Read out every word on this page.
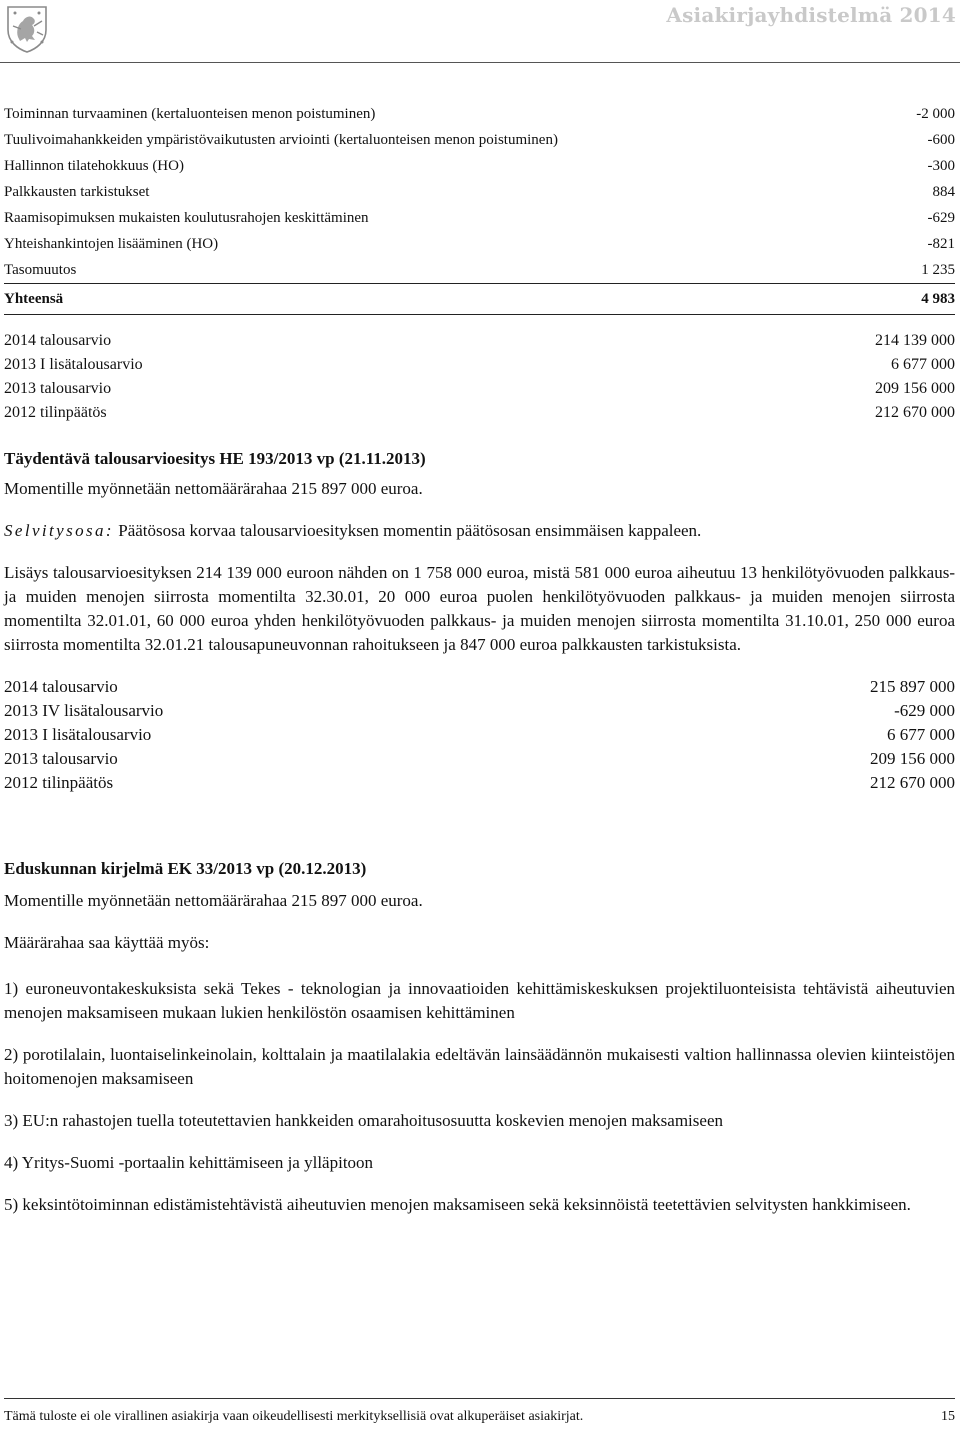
Asiakirjayhdistelmä 2014
Toiminnan turvaaminen (kertaluonteisen menon poistuminen)	-2 000
Tuulivoimahankkeiden ympäristövaikutusten arviointi (kertaluonteisen menon poistuminen)	-600
Hallinnon tilatehokkuus (HO)	-300
Palkkausten tarkistukset	884
Raamisopimuksen mukaisten koulutusrahojen keskittäminen	-629
Yhteishankintojen lisääminen (HO)	-821
Tasomuutos	1 235
Yhteensä	4 983
2014 talousarvio	214 139 000
2013 I lisätalousarvio	6 677 000
2013 talousarvio	209 156 000
2012 tilinpäätös	212 670 000

Täydentävä talousarvioesitys HE 193/2013 vp (21.11.2013)

Momentille myönnetään nettomäärärahaa 215 897 000 euroa.

Selvitysosa: Päätösosa korvaa talousarvioesityksen momentin päätösosan ensimmäisen kappaleen.

Lisäys talousarvioesityksen 214 139 000 euroon nähden on 1 758 000 euroa, mistä 581 000 euroa aiheutuu 13 henkilötyövuoden palkkaus- ja muiden menojen siirrosta momentilta 32.30.01, 20 000 euroa puolen henkilötyövuoden palkkaus- ja muiden menojen siirrosta momentilta 32.01.01, 60 000 euroa yhden henkilötyövuoden palkkaus- ja muiden menojen siirrosta momentilta 31.10.01, 250 000 euroa siirrosta momentilta 32.01.21 talousapuneuvonnan rahoitukseen ja 847 000 euroa palkkausten tarkistuksista.

2014 talousarvio	215 897 000
2013 IV lisätalousarvio	-629 000
2013 I lisätalousarvio	6 677 000
2013 talousarvio	209 156 000
2012 tilinpäätös	212 670 000

Eduskunnan kirjelmä EK 33/2013 vp (20.12.2013)

Momentille myönnetään nettomäärärahaa 215 897 000 euroa.

Määrärahaa saa käyttää myös:

1) euroneuvontakeskuksista sekä Tekes - teknologian ja innovaatioiden kehittämiskeskuksen projektiluonteisista tehtävistä aiheutuvien menojen maksamiseen mukaan lukien henkilöstön osaamisen kehittäminen

2) porotilalain, luontaiselinkeinolain, kolttalain ja maatilalakia edeltävän lainsäädännön mukaisesti valtion hallinnassa olevien kiinteistöjen hoitomenojen maksamiseen

3) EU:n rahastojen tuella toteutettavien hankkeiden omarahoitusosuutta koskevien menojen maksamiseen

4) Yritys-Suomi -portaalin kehittämiseen ja ylläpitoon

5) keksintötoiminnan edistämistehtävistä aiheutuvien menojen maksamiseen sekä keksinnöistä teetettävien selvitysten hankkimiseen.

Tämä tuloste ei ole virallinen asiakirja vaan oikeudellisesti merkityksellisiä ovat alkuperäiset asiakirjat.	15
